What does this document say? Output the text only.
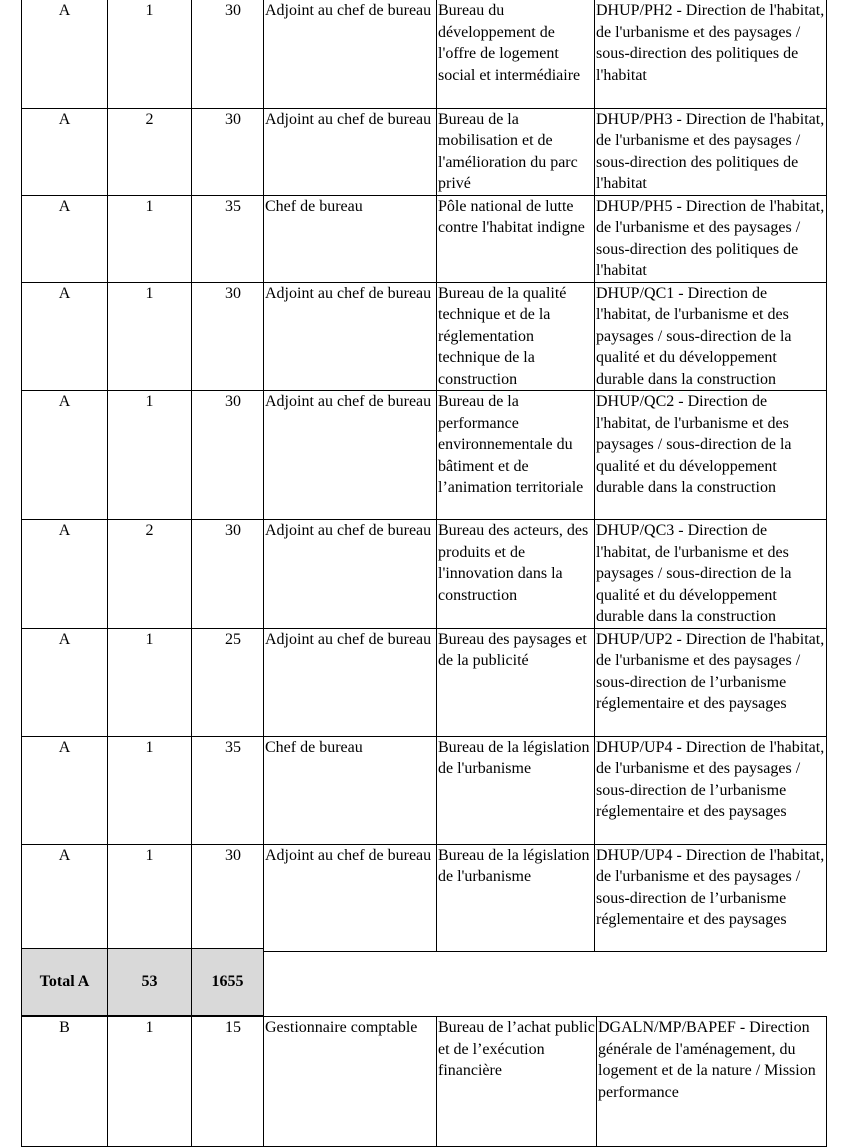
A	1	30	Adjoint au chef de bureau	Bureau du développement de l'offre de logement social et intermédiaire	DHUP/PH2 - Direction de l'habitat, de l'urbanisme et des paysages / sous-direction des politiques de l'habitat
A	2	30	Adjoint au chef de bureau	Bureau de la mobilisation et de l'amélioration du parc privé	DHUP/PH3 - Direction de l'habitat, de l'urbanisme et des paysages / sous-direction des politiques de l'habitat
A	1	35	Chef de bureau	Pôle national de lutte contre l'habitat indigne	DHUP/PH5 - Direction de l'habitat, de l'urbanisme et des paysages / sous-direction des politiques de l'habitat
A	1	30	Adjoint au chef de bureau	Bureau de la qualité technique et de la réglementation technique de la construction	DHUP/QC1 - Direction de l'habitat, de l'urbanisme et des paysages / sous-direction de la qualité et du développement durable dans la construction
A	1	30	Adjoint au chef de bureau	Bureau de la performance environnementale du bâtiment et de l’animation territoriale	DHUP/QC2 - Direction de l'habitat, de l'urbanisme et des paysages / sous-direction de la qualité et du développement durable dans la construction
A	2	30	Adjoint au chef de bureau	Bureau des acteurs, des produits et de l'innovation dans la construction	DHUP/QC3 - Direction de l'habitat, de l'urbanisme et des paysages / sous-direction de la qualité et du développement durable dans la construction
A	1	25	Adjoint au chef de bureau	Bureau des paysages et de la publicité	DHUP/UP2 - Direction de l'habitat, de l'urbanisme et des paysages / sous-direction de l’urbanisme réglementaire et des paysages
A	1	35	Chef de bureau	Bureau de la législation de l'urbanisme	DHUP/UP4 - Direction de l'habitat, de l'urbanisme et des paysages / sous-direction de l’urbanisme réglementaire et des paysages
A	1	30	Adjoint au chef de bureau	Bureau de la législation de l'urbanisme	DHUP/UP4 - Direction de l'habitat, de l'urbanisme et des paysages / sous-direction de l’urbanisme réglementaire et des paysages
Total A	53	1655	
B	1	15	Gestionnaire comptable	Bureau de l’achat public et de l’exécution financière	DGALN/MP/BAPEF - Direction générale de l'aménagement, du logement et de la nature / Mission performance
